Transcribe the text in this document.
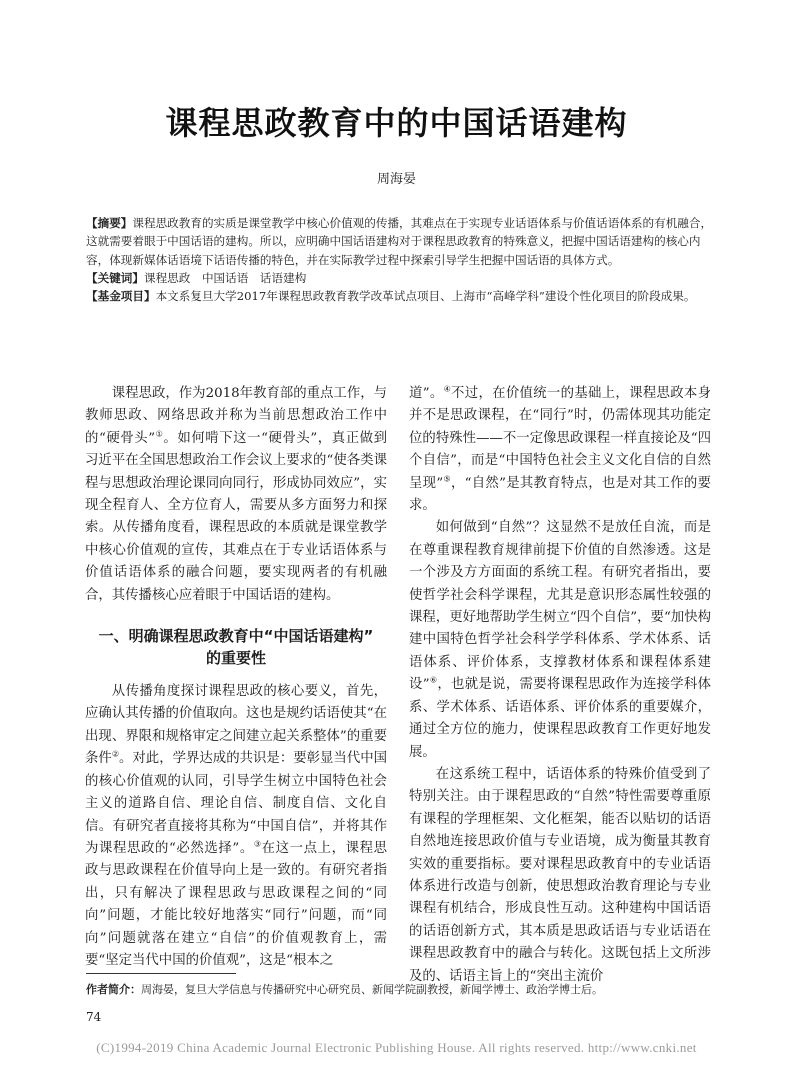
课程思政教育中的中国话语建构
周海晏

【摘要】课程思政教育的实质是课堂教学中核心价值观的传播，其难点在于实现专业话语体系与价值话语体系的有机融合，这就需要着眼于中国话语的建构。所以，应明确中国话语建构对于课程思政教育的特殊意义，把握中国话语建构的核心内容，体现新媒体话语境下话语传播的特色，并在实际教学过程中探索引导学生把握中国话语的具体方式。

【关键词】课程思政　中国话语　话语建构

【基金项目】本文系复旦大学2017年课程思政教育教学改革试点项目、上海市“高峰学科”建设个性化项目的阶段成果。

课程思政，作为2018年教育部的重点工作，与教师思政、网络思政并称为当前思想政治工作中的“硬骨头”①。如何啃下这一“硬骨头”，真正做到习近平在全国思想政治工作会议上要求的“使各类课程与思想政治理论课同向同行，形成协同效应”，实现全程育人、全方位育人，需要从多方面努力和探索。从传播角度看，课程思政的本质就是课堂教学中核心价值观的宣传，其难点在于专业话语体系与价值话语体系的融合问题，要实现两者的有机融合，其传播核心应着眼于中国话语的建构。

一、明确课程思政教育中“中国话语建构”
的重要性

从传播角度探讨课程思政的核心要义，首先，应确认其传播的价值取向。这也是规约话语使其“在出现、界限和规格审定之间建立起关系整体”的重要条件②。对此，学界达成的共识是：要彰显当代中国的核心价值观的认同，引导学生树立中国特色社会主义的道路自信、理论自信、制度自信、文化自信。有研究者直接将其称为“中国自信”，并将其作为课程思政的“必然选择”。③在这一点上，课程思政与思政课程在价值导向上是一致的。有研究者指出，只有解决了课程思政与思政课程之间的“同向”问题，才能比较好地落实“同行”问题，而“同向”问题就落在建立“自信”的价值观教育上，需要“坚定当代中国的价值观”，这是“根本之

道”。④不过，在价值统一的基础上，课程思政本身并不是思政课程，在“同行”时，仍需体现其功能定位的特殊性——不一定像思政课程一样直接论及“四个自信”，而是“中国特色社会主义文化自信的自然呈现”⑤，“自然”是其教育特点，也是对其工作的要求。

如何做到“自然”？这显然不是放任自流，而是在尊重课程教育规律前提下价值的自然渗透。这是一个涉及方方面面的系统工程。有研究者指出，要使哲学社会科学课程，尤其是意识形态属性较强的课程，更好地帮助学生树立“四个自信”，要“加快构建中国特色哲学社会科学学科体系、学术体系、话语体系、评价体系，支撑教材体系和课程体系建设”⑥，也就是说，需要将课程思政作为连接学科体系、学术体系、话语体系、评价体系的重要媒介，通过全方位的施力，使课程思政教育工作更好地发展。

在这系统工程中，话语体系的特殊价值受到了特别关注。由于课程思政的“自然”特性需要尊重原有课程的学理框架、文化框架，能否以贴切的话语自然地连接思政价值与专业语境，成为衡量其教育实效的重要指标。要对课程思政教育中的专业话语体系进行改造与创新，使思想政治教育理论与专业课程有机结合，形成良性互动。这种建构中国话语的话语创新方式，其本质是思政话语与专业话语在课程思政教育中的融合与转化。这既包括上文所涉及的、话语主旨上的“突出主流价

作者简介：周海晏，复旦大学信息与传播研究中心研究员、新闻学院副教授，新闻学博士、政治学博士后。
74
(C)1994-2019 China Academic Journal Electronic Publishing House. All rights reserved. http://www.cnki.net
